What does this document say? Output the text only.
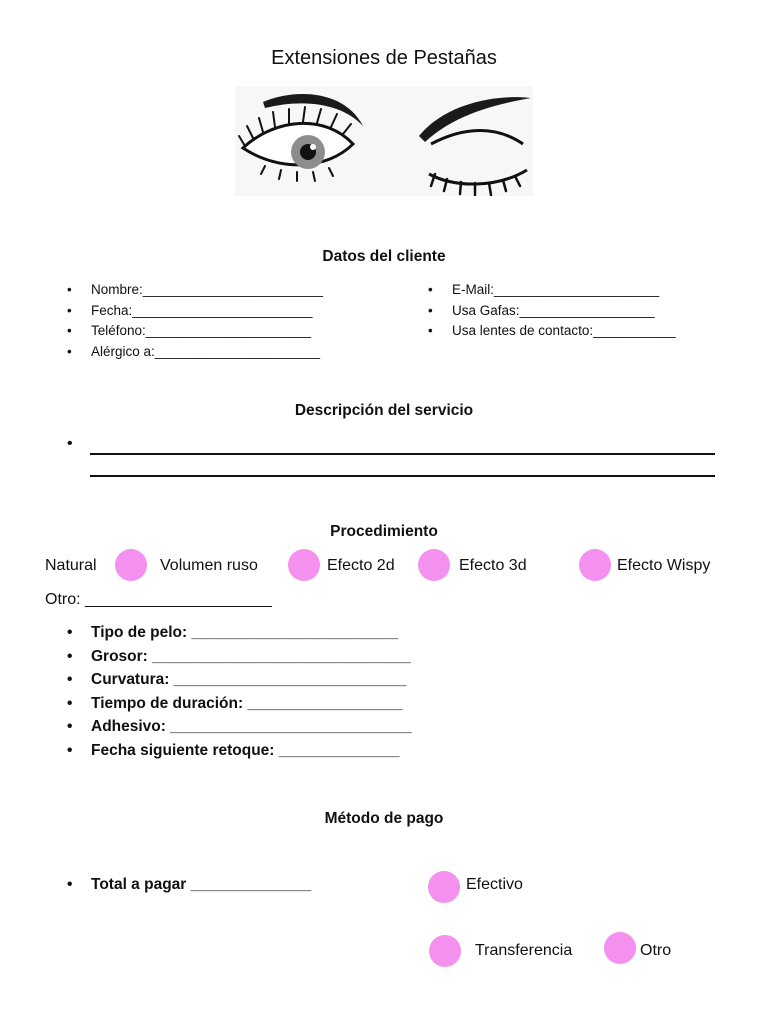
Extensiones de Pestañas
Datos del cliente
• Nombre:________________________
• Fecha:________________________
• Teléfono:______________________
• Alérgico a:______________________
• E-Mail:______________________
• Usa Gafas:__________________
• Usa lentes de contacto:___________
Descripción del servicio
•
Procedimiento
Natural	Volumen ruso	Efecto 2d	Efecto 3d	Efecto Wispy
Otro: _____________________
• Tipo de pelo: ________________________
• Grosor: ______________________________
• Curvatura: ___________________________
• Tiempo de duración: __________________
• Adhesivo: ____________________________
• Fecha siguiente retoque: ______________
Método de pago
• Total a pagar ______________	Efectivo
Transferencia	Otro
